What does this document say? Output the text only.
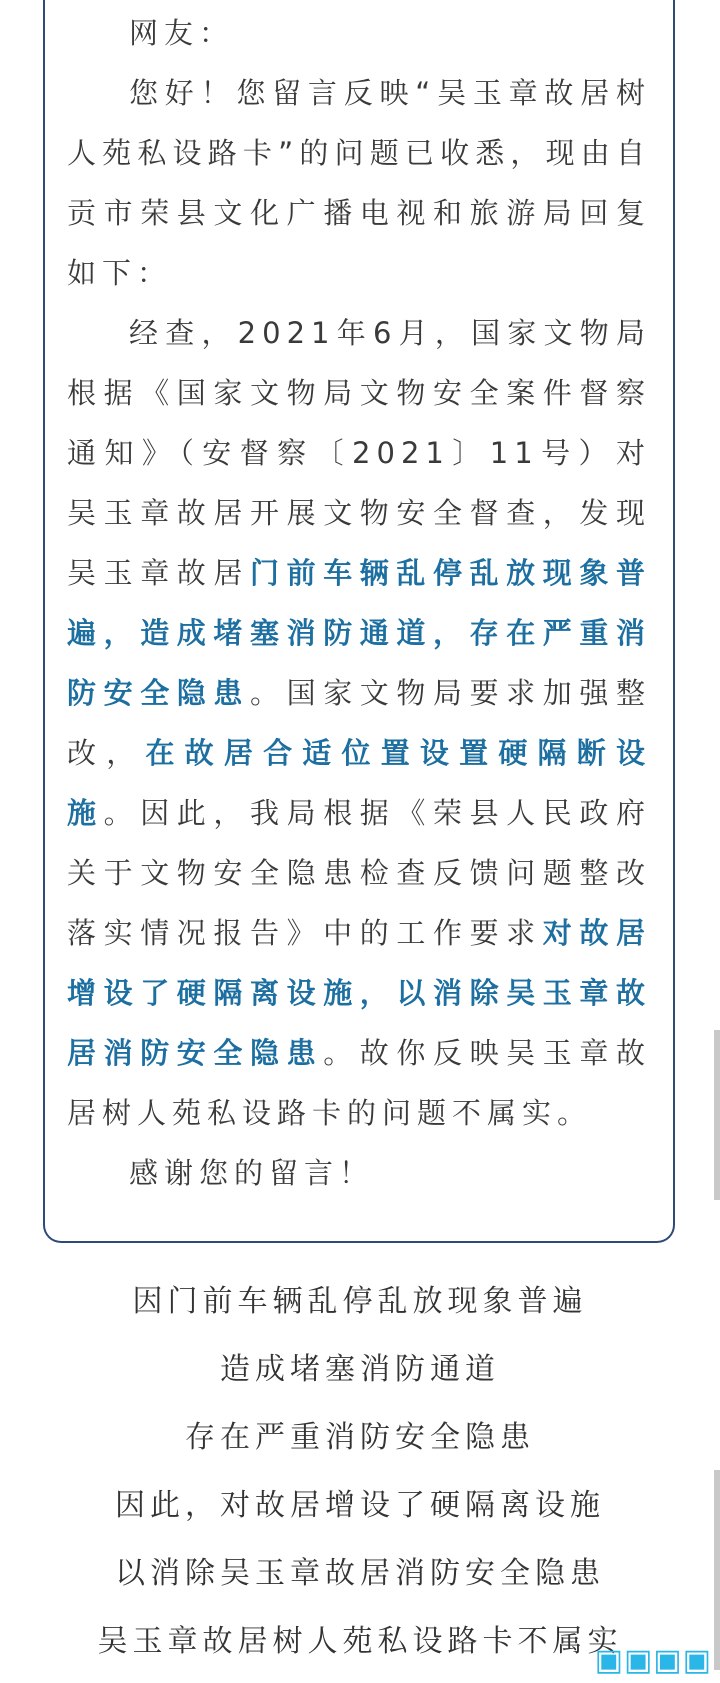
网友：

您好！您留言反映“吴玉章故居树人苑私设路卡”的问题已收悉，现由自贡市荣县文化广播电视和旅游局回复如下：

经查，2021年6月，国家文物局根据《国家文物局文物安全案件督察通知》（安督察〔2021〕11号）对吴玉章故居开展文物安全督查，发现吴玉章故居门前车辆乱停乱放现象普遍，造成堵塞消防通道，存在严重消防安全隐患。国家文物局要求加强整改，在故居合适位置设置硬隔断设施。因此，我局根据《荣县人民政府关于文物安全隐患检查反馈问题整改落实情况报告》中的工作要求对故居增设了硬隔离设施，以消除吴玉章故居消防安全隐患。故你反映吴玉章故居树人苑私设路卡的问题不属实。

感谢您的留言！

因门前车辆乱停乱放现象普遍
造成堵塞消防通道
存在严重消防安全隐患
因此，对故居增设了硬隔离设施
以消除吴玉章故居消防安全隐患
吴玉章故居树人苑私设路卡不属实
▣▣▣▣
